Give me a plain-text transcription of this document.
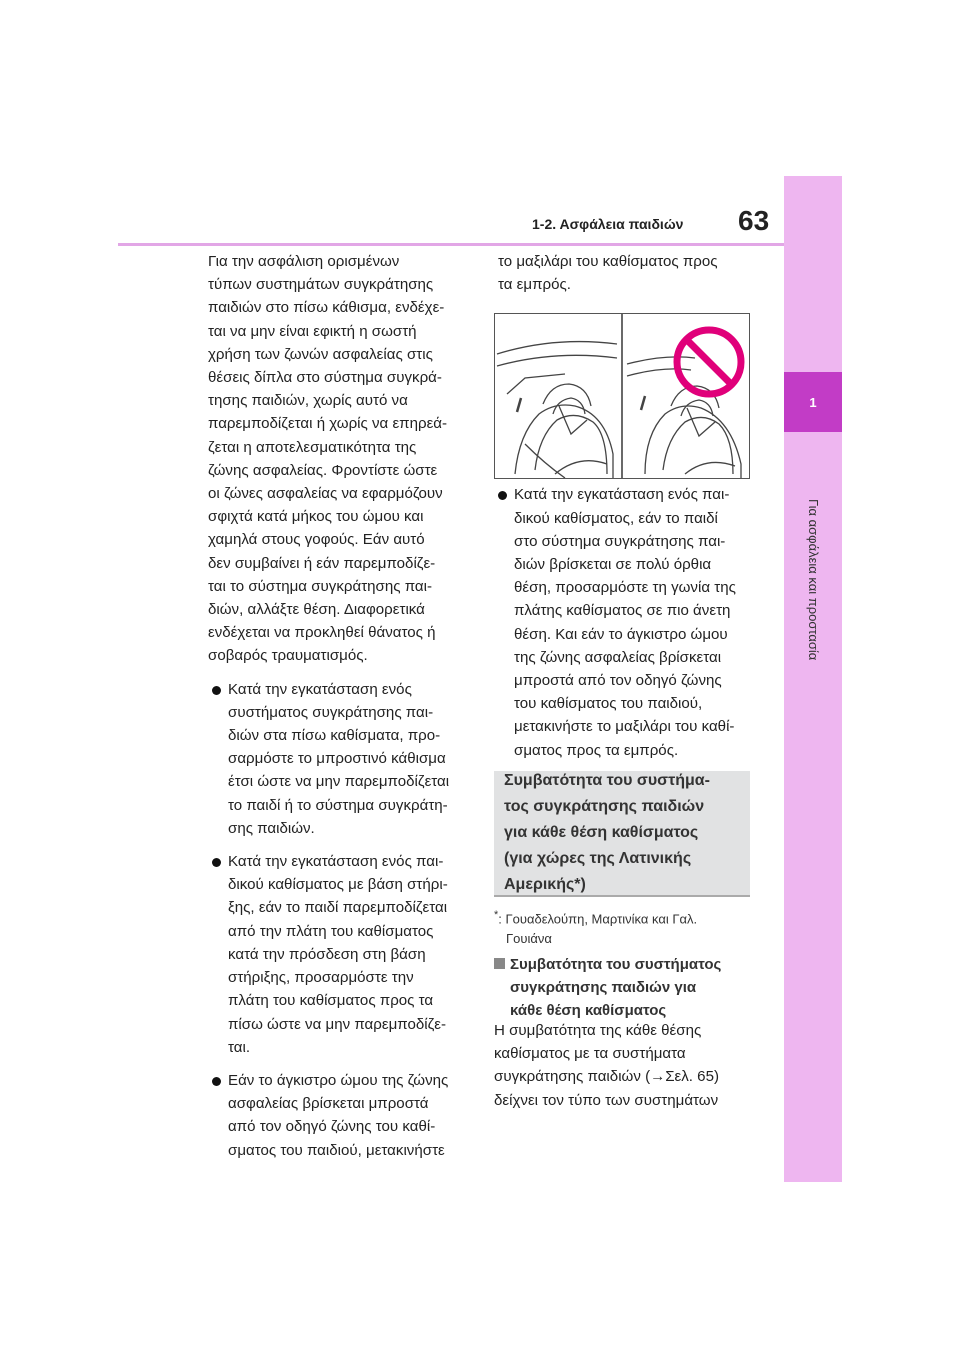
1-2. Ασφάλεια παιδιών 63
1
Για ασφάλεια και προστασία

Για την ασφάλιση ορισμένων
τύπων συστημάτων συγκράτησης
παιδιών στο πίσω κάθισμα, ενδέχε-
ται να μην είναι εφικτή η σωστή
χρήση των ζωνών ασφαλείας στις
θέσεις δίπλα στο σύστημα συγκρά-
τησης παιδιών, χωρίς αυτό να
παρεμποδίζεται ή χωρίς να επηρεά-
ζεται η αποτελεσματικότητα της
ζώνης ασφαλείας. Φροντίστε ώστε
οι ζώνες ασφαλείας να εφαρμόζουν
σφιχτά κατά μήκος του ώμου και
χαμηλά στους γοφούς. Εάν αυτό
δεν συμβαίνει ή εάν παρεμποδίζε-
ται το σύστημα συγκράτησης παι-
διών, αλλάξτε θέση. Διαφορετικά
ενδέχεται να προκληθεί θάνατος ή
σοβαρός τραυματισμός.

Κατά την εγκατάσταση ενός
συστήματος συγκράτησης παι-
διών στα πίσω καθίσματα, προ-
σαρμόστε το μπροστινό κάθισμα
έτσι ώστε να μην παρεμποδίζεται
το παιδί ή το σύστημα συγκράτη-
σης παιδιών.
Κατά την εγκατάσταση ενός παι-
δικού καθίσματος με βάση στήρι-
ξης, εάν το παιδί παρεμποδίζεται
από την πλάτη του καθίσματος
κατά την πρόσδεση στη βάση
στήριξης, προσαρμόστε την
πλάτη του καθίσματος προς τα
πίσω ώστε να μην παρεμποδίζε-
ται.
Εάν το άγκιστρο ώμου της ζώνης
ασφαλείας βρίσκεται μπροστά
από τον οδηγό ζώνης του καθί-
σματος του παιδιού, μετακινήστε

το μαξιλάρι του καθίσματος προς
τα εμπρός.

Κατά την εγκατάσταση ενός παι-
δικού καθίσματος, εάν το παιδί
στο σύστημα συγκράτησης παι-
διών βρίσκεται σε πολύ όρθια
θέση, προσαρμόστε τη γωνία της
πλάτης καθίσματος σε πιο άνετη
θέση. Και εάν το άγκιστρο ώμου
της ζώνης ασφαλείας βρίσκεται
μπροστά από τον οδηγό ζώνης
του καθίσματος του παιδιού,
μετακινήστε το μαξιλάρι του καθί-
σματος προς τα εμπρός.
Συμβατότητα του συστήμα-
τος συγκράτησης παιδιών
για κάθε θέση καθίσματος
(για χώρες της Λατινικής
Αμερικής*)
*: Γουαδελούπη, Μαρτινίκα και Γαλ.
Γουιάνα
Συμβατότητα του συστήματος
συγκράτησης παιδιών για
κάθε θέση καθίσματος
Η συμβατότητα της κάθε θέσης
καθίσματος με τα συστήματα
συγκράτησης παιδιών (→Σελ. 65)
δείχνει τον τύπο των συστημάτων
